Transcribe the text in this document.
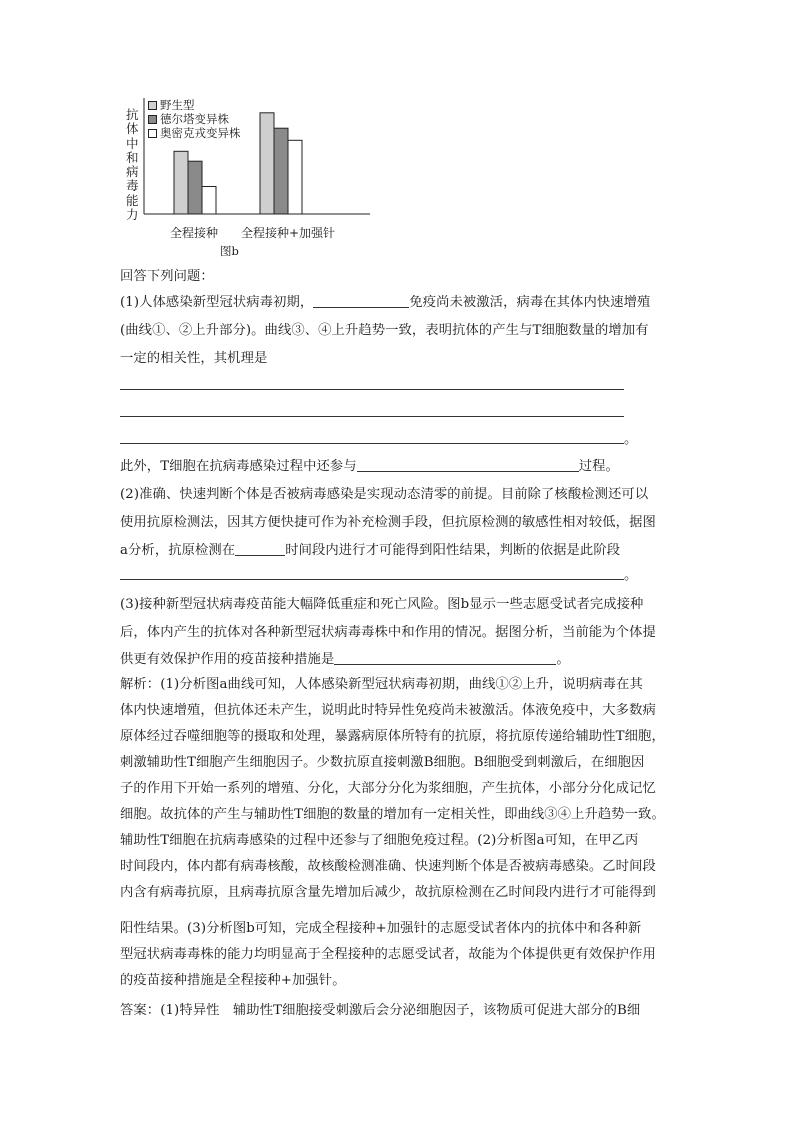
抗体中和病毒能力
野生型
德尔塔变异株
奥密克戎变异株
全程接种 全程接种+加强针
图b
回答下列问题：
(1)人体感染新型冠状病毒初期，	免疫尚未被激活，病毒在其体内快速增殖
(曲线①、②上升部分)。曲线③、④上升趋势一致，表明抗体的产生与T细胞数量的增加有
一定的相关性，其机理是
。
此外，T细胞在抗病毒感染过程中还参与	过程。
(2)准确、快速判断个体是否被病毒感染是实现动态清零的前提。目前除了核酸检测还可以
使用抗原检测法，因其方便快捷可作为补充检测手段，但抗原检测的敏感性相对较低，据图
a分析，抗原检测在	时间段内进行才可能得到阳性结果，判断的依据是此阶段
。
(3)接种新型冠状病毒疫苗能大幅降低重症和死亡风险。图b显示一些志愿受试者完成接种
后，体内产生的抗体对各种新型冠状病毒毒株中和作用的情况。据图分析，当前能为个体提
供更有效保护作用的疫苗接种措施是	。
解析：(1)分析图a曲线可知，人体感染新型冠状病毒初期，曲线①②上升，说明病毒在其
体内快速增殖，但抗体还未产生，说明此时特异性免疫尚未被激活。体液免疫中，大多数病
原体经过吞噬细胞等的摄取和处理，暴露病原体所特有的抗原，将抗原传递给辅助性T细胞，
刺激辅助性T细胞产生细胞因子。少数抗原直接刺激B细胞。B细胞受到刺激后，在细胞因
子的作用下开始一系列的增殖、分化，大部分分化为浆细胞，产生抗体，小部分分化成记忆
细胞。故抗体的产生与辅助性T细胞的数量的增加有一定相关性，即曲线③④上升趋势一致。
辅助性T细胞在抗病毒感染的过程中还参与了细胞免疫过程。(2)分析图a可知，在甲乙丙
时间段内，体内都有病毒核酸，故核酸检测准确、快速判断个体是否被病毒感染。乙时间段
内含有病毒抗原，且病毒抗原含量先增加后减少，故抗原检测在乙时间段内进行才可能得到
阳性结果。(3)分析图b可知，完成全程接种+加强针的志愿受试者体内的抗体中和各种新
型冠状病毒毒株的能力均明显高于全程接种的志愿受试者，故能为个体提供更有效保护作用
的疫苗接种措施是全程接种+加强针。
答案：(1)特异性　辅助性T细胞接受刺激后会分泌细胞因子，该物质可促进大部分的B细
